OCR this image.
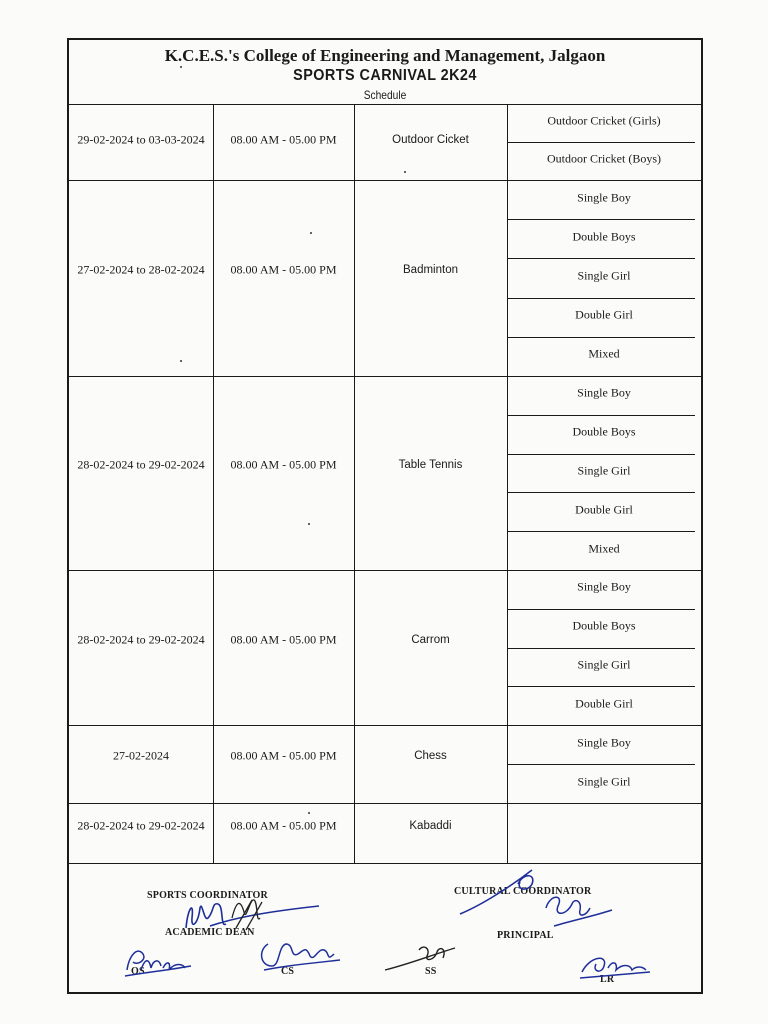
K.C.E.S.'s College of Engineering and Management, Jalgaon
SPORTS CARNIVAL 2K24
Schedule
29-02-2024 to 03-03-2024 08.00 AM - 05.00 PM	Outdoor Cicket
Outdoor Cricket (Girls)
Outdoor Cricket (Boys)
27-02-2024 to 28-02-2024 08.00 AM - 05.00 PM	Badminton
Single Boy
Double Boys
Single Girl
Double Girl
Mixed
28-02-2024 to 29-02-2024 08.00 AM - 05.00 PM	Table Tennis
Single Boy
Double Boys
Single Girl
Double Girl
Mixed
28-02-2024 to 29-02-2024 08.00 AM - 05.00 PM	Carrom
Single Boy
Double Boys
Single Girl
Double Girl
27-02-2024	08.00 AM - 05.00 PM	Chess
Single Boy
Single Girl
28-02-2024 to 29-02-2024 08.00 AM - 05.00 PM	Kabaddi
SPORTS COORDINATOR	CULTURAL COORDINATOR
ACADEMIC DEAN	PRINCIPAL
OS	CS	SS
LR
